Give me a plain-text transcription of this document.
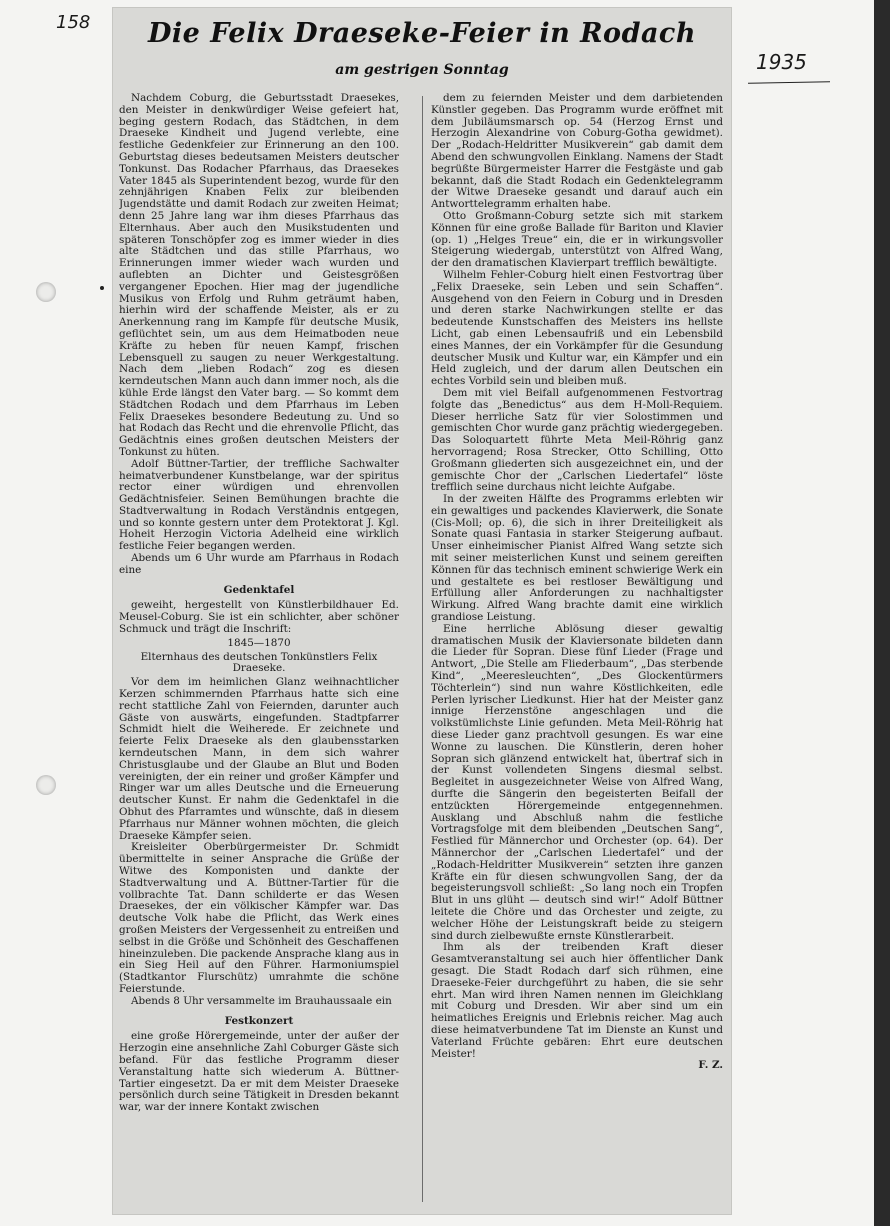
158
1935
Die Felix Draeseke-Feier in Rodach
am gestrigen Sonntag

Nachdem Coburg, die Geburtsstadt Draesekes, den Meister in denkwürdiger Weise gefeiert hat, beging gestern Rodach, das Städtchen, in dem Draeseke Kindheit und Jugend verlebte, eine festliche Gedenkfeier zur Erinnerung an den 100. Geburtstag dieses bedeutsamen Meisters deutscher Tonkunst. Das Rodacher Pfarrhaus, das Draesekes Vater 1845 als Superintendent bezog, wurde für den zehnjährigen Knaben Felix zur bleibenden Jugendstätte und damit Rodach zur zweiten Heimat; denn 25 Jahre lang war ihm dieses Pfarrhaus das Elternhaus. Aber auch den Musikstudenten und späteren Tonschöpfer zog es immer wieder in dies alte Städtchen und das stille Pfarrhaus, wo Erinnerungen immer wieder wach wurden und auflebten an Dichter und Geistesgrößen vergangener Epochen. Hier mag der jugendliche Musikus von Erfolg und Ruhm geträumt haben, hierhin wird der schaffende Meister, als er zu Anerkennung rang im Kampfe für deutsche Musik, geflüchtet sein, um aus dem Heimatboden neue Kräfte zu heben für neuen Kampf, frischen Lebensquell zu saugen zu neuer Werkgestaltung. Nach dem „lieben Rodach“ zog es diesen kerndeutschen Mann auch dann immer noch, als die kühle Erde längst den Vater barg. — So kommt dem Städtchen Rodach und dem Pfarrhaus im Leben Felix Draesekes besondere Bedeutung zu. Und so hat Rodach das Recht und die ehrenvolle Pflicht, das Gedächtnis eines großen deutschen Meisters der Tonkunst zu hüten.

Adolf Büttner-Tartier, der treffliche Sachwalter heimatverbundener Kunstbelange, war der spiritus rector einer würdigen und ehrenvollen Gedächtnisfeier. Seinen Bemühungen brachte die Stadtverwaltung in Rodach Verständnis entgegen, und so konnte gestern unter dem Protektorat J. Kgl. Hoheit Herzogin Victoria Adelheid eine wirklich festliche Feier begangen werden.

Abends um 6 Uhr wurde am Pfarrhaus in Rodach eine

Gedenktafel

geweiht, hergestellt von Künstlerbildhauer Ed. Meusel-Coburg. Sie ist ein schlichter, aber schöner Schmuck und trägt die Inschrift:

1845—1870

Elternhaus des deutschen Tonkünstlers Felix Draeseke.

Vor dem im heimlichen Glanz weihnachtlicher Kerzen schimmernden Pfarrhaus hatte sich eine recht stattliche Zahl von Feiernden, darunter auch Gäste von auswärts, eingefunden. Stadtpfarrer Schmidt hielt die Weiherede. Er zeichnete und feierte Felix Draeseke als den glaubensstarken kerndeutschen Mann, in dem sich wahrer Christusglaube und der Glaube an Blut und Boden vereinigten, der ein reiner und großer Kämpfer und Ringer war um alles Deutsche und die Erneuerung deutscher Kunst. Er nahm die Gedenktafel in die Obhut des Pfarramtes und wünschte, daß in diesem Pfarrhaus nur Männer wohnen möchten, die gleich Draeseke Kämpfer seien.

Kreisleiter Oberbürgermeister Dr. Schmidt übermittelte in seiner Ansprache die Grüße der Witwe des Komponisten und dankte der Stadtverwaltung und A. Büttner-Tartier für die vollbrachte Tat. Dann schilderte er das Wesen Draesekes, der ein völkischer Kämpfer war. Das deutsche Volk habe die Pflicht, das Werk eines großen Meisters der Vergessenheit zu entreißen und selbst in die Größe und Schönheit des Geschaffenen hineinzuleben. Die packende Ansprache klang aus in ein Sieg Heil auf den Führer. Harmoniumspiel (Stadtkantor Flurschütz) umrahmte die schöne Feierstunde.

Abends 8 Uhr versammelte im Brauhaussaale ein

Festkonzert

eine große Hörergemeinde, unter der außer der Herzogin eine ansehnliche Zahl Coburger Gäste sich befand. Für das festliche Programm dieser Veranstaltung hatte sich wiederum A. Büttner-Tartier eingesetzt. Da er mit dem Meister Draeseke persönlich durch seine Tätigkeit in Dresden bekannt war, war der innere Kontakt zwischen

dem zu feiernden Meister und dem darbietenden Künstler gegeben. Das Programm wurde eröffnet mit dem Jubiläumsmarsch op. 54 (Herzog Ernst und Herzogin Alexandrine von Coburg-Gotha gewidmet). Der „Rodach-Heldritter Musikverein“ gab damit dem Abend den schwungvollen Einklang. Namens der Stadt begrüßte Bürgermeister Harrer die Festgäste und gab bekannt, daß die Stadt Rodach ein Gedenktelegramm der Witwe Draeseke gesandt und darauf auch ein Antworttelegramm erhalten habe.

Otto Großmann-Coburg setzte sich mit starkem Können für eine große Ballade für Bariton und Klavier (op. 1) „Helges Treue“ ein, die er in wirkungsvoller Steigerung wiedergab, unterstützt von Alfred Wang, der den dramatischen Klavierpart trefflich bewältigte.

Wilhelm Fehler-Coburg hielt einen Festvortrag über „Felix Draeseke, sein Leben und sein Schaffen“. Ausgehend von den Feiern in Coburg und in Dresden und deren starke Nachwirkungen stellte er das bedeutende Kunstschaffen des Meisters ins hellste Licht, gab einen Lebensaufriß und ein Lebensbild eines Mannes, der ein Vorkämpfer für die Gesundung deutscher Musik und Kultur war, ein Kämpfer und ein Held zugleich, und der darum allen Deutschen ein echtes Vorbild sein und bleiben muß.

Dem mit viel Beifall aufgenommenen Festvortrag folgte das „Benedictus“ aus dem H-Moll-Requiem. Dieser herrliche Satz für vier Solostimmen und gemischten Chor wurde ganz prächtig wiedergegeben. Das Soloquartett führte Meta Meil-Röhrig ganz hervorragend; Rosa Strecker, Otto Schilling, Otto Großmann gliederten sich ausgezeichnet ein, und der gemischte Chor der „Carlschen Liedertafel“ löste trefflich seine durchaus nicht leichte Aufgabe.

In der zweiten Hälfte des Programms erlebten wir ein gewaltiges und packendes Klavierwerk, die Sonate (Cis-Moll; op. 6), die sich in ihrer Dreiteiligkeit als Sonate quasi Fantasia in starker Steigerung aufbaut. Unser einheimischer Pianist Alfred Wang setzte sich mit seiner meisterlichen Kunst und seinem gereiften Können für das technisch eminent schwierige Werk ein und gestaltete es bei restloser Bewältigung und Erfüllung aller Anforderungen zu nachhaltigster Wirkung. Alfred Wang brachte damit eine wirklich grandiose Leistung.

Eine herrliche Ablösung dieser gewaltig dramatischen Musik der Klaviersonate bildeten dann die Lieder für Sopran. Diese fünf Lieder (Frage und Antwort, „Die Stelle am Fliederbaum“, „Das sterbende Kind“, „Meeresleuchten“, „Des Glockentürmers Töchterlein“) sind nun wahre Köstlichkeiten, edle Perlen lyrischer Liedkunst. Hier hat der Meister ganz innige Herzenstöne angeschlagen und die volkstümlichste Linie gefunden. Meta Meil-Röhrig hat diese Lieder ganz prachtvoll gesungen. Es war eine Wonne zu lauschen. Die Künstlerin, deren hoher Sopran sich glänzend entwickelt hat, übertraf sich in der Kunst vollendeten Singens diesmal selbst. Begleitet in ausgezeichneter Weise von Alfred Wang, durfte die Sängerin den begeisterten Beifall der entzückten Hörergemeinde entgegennehmen. Ausklang und Abschluß nahm die festliche Vortragsfolge mit dem bleibenden „Deutschen Sang“, Festlied für Männerchor und Orchester (op. 64). Der Männerchor der „Carlschen Liedertafel“ und der „Rodach-Heldritter Musikverein“ setzten ihre ganzen Kräfte ein für diesen schwungvollen Sang, der da begeisterungsvoll schließt: „So lang noch ein Tropfen Blut in uns glüht — deutsch sind wir!“ Adolf Büttner leitete die Chöre und das Orchester und zeigte, zu welcher Höhe der Leistungskraft beide zu steigern sind durch zielbewußte ernste Künstlerarbeit.

Ihm als der treibenden Kraft dieser Gesamtveranstaltung sei auch hier öffentlicher Dank gesagt. Die Stadt Rodach darf sich rühmen, eine Draeseke-Feier durchgeführt zu haben, die sie sehr ehrt. Man wird ihren Namen nennen im Gleichklang mit Coburg und Dresden. Wir aber sind um ein heimatliches Ereignis und Erlebnis reicher. Mag auch diese heimatverbundene Tat im Dienste an Kunst und Vaterland Früchte gebären: Ehrt eure deutschen Meister!

F. Z.
